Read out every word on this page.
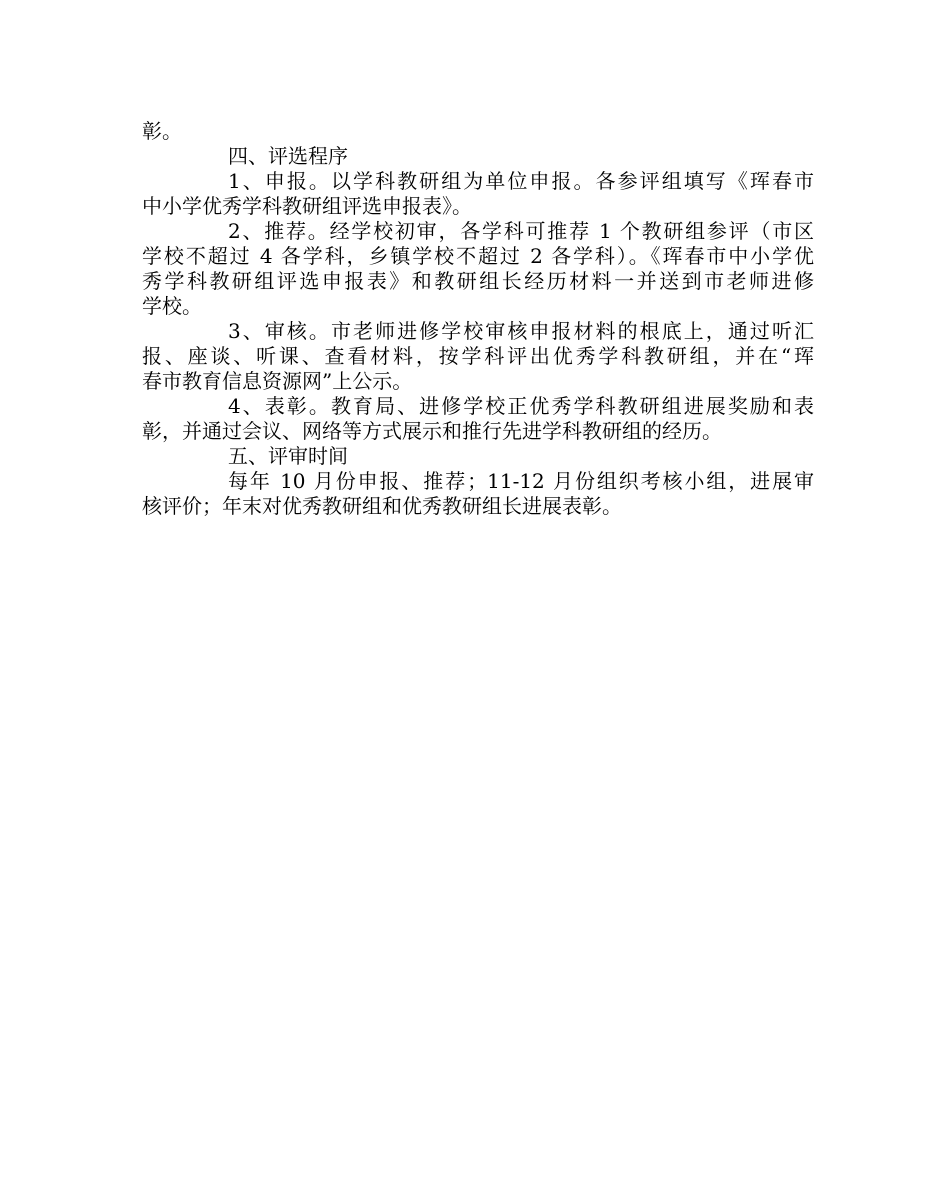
彰。
四、评选程序
1、申报。以学科教研组为单位申报。各参评组填写《珲春市
中小学优秀学科教研组评选申报表》。
2、推荐。经学校初审，各学科可推荐 1 个教研组参评（市区
学校不超过 4 各学科，乡镇学校不超过 2 各学科）。《珲春市中小学优
秀学科教研组评选申报表》和教研组长经历材料一并送到市老师进修
学校。
3、审核。市老师进修学校审核申报材料的根底上，通过听汇
报、座谈、听课、查看材料，按学科评出优秀学科教研组，并在“珲
春市教育信息资源网”上公示。
4、表彰。教育局、进修学校正优秀学科教研组进展奖励和表
彰，并通过会议、网络等方式展示和推行先进学科教研组的经历。
五、评审时间
每年 10 月份申报、推荐；11-12 月份组织考核小组，进展审
核评价；年末对优秀教研组和优秀教研组长进展表彰。
